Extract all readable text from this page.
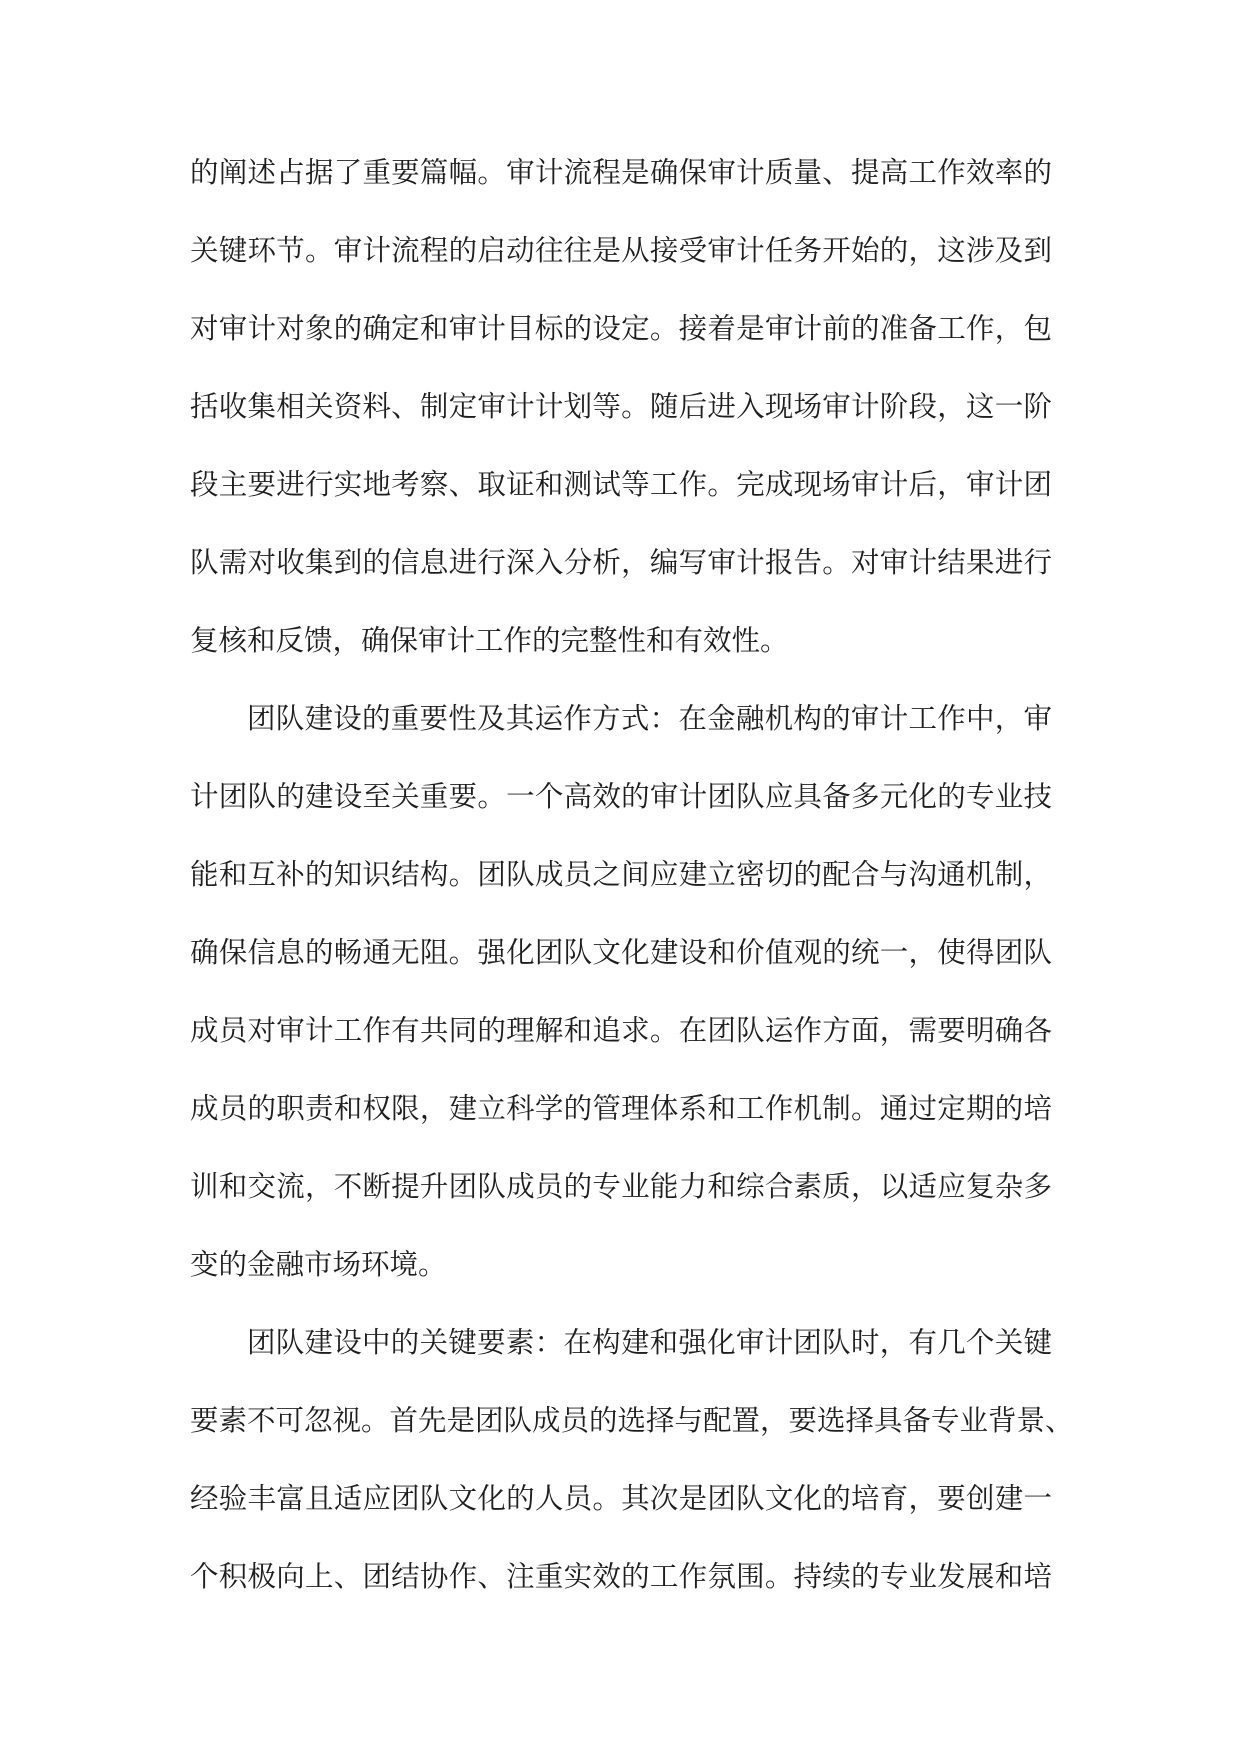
的阐述占据了重要篇幅。审计流程是确保审计质量、提高工作效率的
关键环节。审计流程的启动往往是从接受审计任务开始的，这涉及到
对审计对象的确定和审计目标的设定。接着是审计前的准备工作，包
括收集相关资料、制定审计计划等。随后进入现场审计阶段，这一阶
段主要进行实地考察、取证和测试等工作。完成现场审计后，审计团
队需对收集到的信息进行深入分析，编写审计报告。对审计结果进行
复核和反馈，确保审计工作的完整性和有效性。
团队建设的重要性及其运作方式：在金融机构的审计工作中，审
计团队的建设至关重要。一个高效的审计团队应具备多元化的专业技
能和互补的知识结构。团队成员之间应建立密切的配合与沟通机制，
确保信息的畅通无阻。强化团队文化建设和价值观的统一，使得团队
成员对审计工作有共同的理解和追求。在团队运作方面，需要明确各
成员的职责和权限，建立科学的管理体系和工作机制。通过定期的培
训和交流，不断提升团队成员的专业能力和综合素质，以适应复杂多
变的金融市场环境。
团队建设中的关键要素：在构建和强化审计团队时，有几个关键
要素不可忽视。首先是团队成员的选择与配置，要选择具备专业背景、
经验丰富且适应团队文化的人员。其次是团队文化的培育，要创建一
个积极向上、团结协作、注重实效的工作氛围。持续的专业发展和培
